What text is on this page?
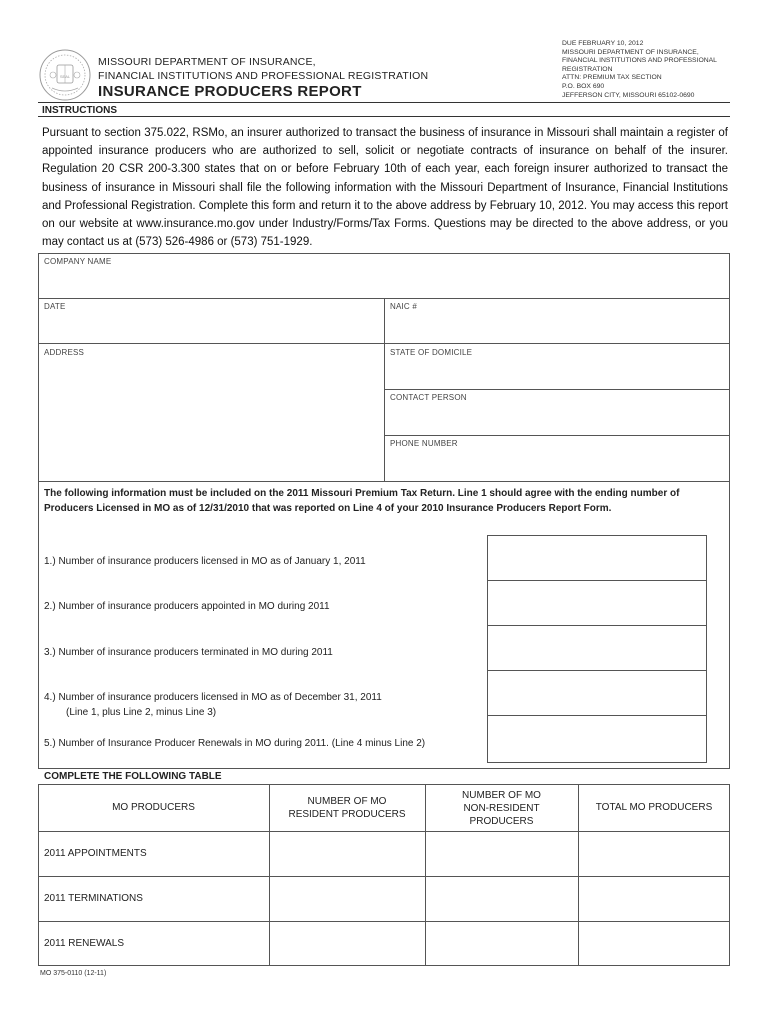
SEAL
MISSOURI DEPARTMENT OF INSURANCE,
FINANCIAL INSTITUTIONS AND PROFESSIONAL REGISTRATION
INSURANCE PRODUCERS REPORT
DUE FEBRUARY 10, 2012
MISSOURI DEPARTMENT OF INSURANCE,
FINANCIAL INSTITUTIONS AND PROFESSIONAL
REGISTRATION
ATTN: PREMIUM TAX SECTION
P.O. BOX 690
JEFFERSON CITY, MISSOURI 65102-0690
INSTRUCTIONS
Pursuant to section 375.022, RSMo, an insurer authorized to transact the business of insurance in Missouri shall maintain a register of appointed insurance producers who are authorized to sell, solicit or negotiate contracts of insurance on behalf of the insurer. Regulation 20 CSR 200-3.300 states that on or before February 10th of each year, each foreign insurer authorized to transact the business of insurance in Missouri shall file the following information with the Missouri Department of Insurance, Financial Institutions and Professional Registration. Complete this form and return it to the above address by February 10, 2012. You may access this report on our website at www.insurance.mo.gov under Industry/Forms/Tax Forms. Questions may be directed to the above address, or you may contact us at (573) 526-4986 or (573) 751-1929.
COMPANY NAME
DATE	NAIC #
ADDRESS	STATE OF DOMICILE
CONTACT PERSON
PHONE NUMBER
The following information must be included on the 2011 Missouri Premium Tax Return. Line 1 should agree with the ending number of Producers Licensed in MO as of 12/31/2010 that was reported on Line 4 of your 2010 Insurance Producers Report Form.
1.) Number of insurance producers licensed in MO as of January 1, 2011
2.) Number of insurance producers appointed in MO during 2011
3.) Number of insurance producers terminated in MO during 2011
4.) Number of insurance producers licensed in MO as of December 31, 2011
(Line 1, plus Line 2, minus Line 3)
5.) Number of Insurance Producer Renewals in MO during 2011. (Line 4 minus Line 2)
COMPLETE THE FOLLOWING TABLE
MO PRODUCERS
NUMBER OF MO
RESIDENT PRODUCERS
NUMBER OF MO
NON-RESIDENT
PRODUCERS
TOTAL MO PRODUCERS
2011 APPOINTMENTS
2011 TERMINATIONS
2011 RENEWALS
MO 375-0110 (12-11)
